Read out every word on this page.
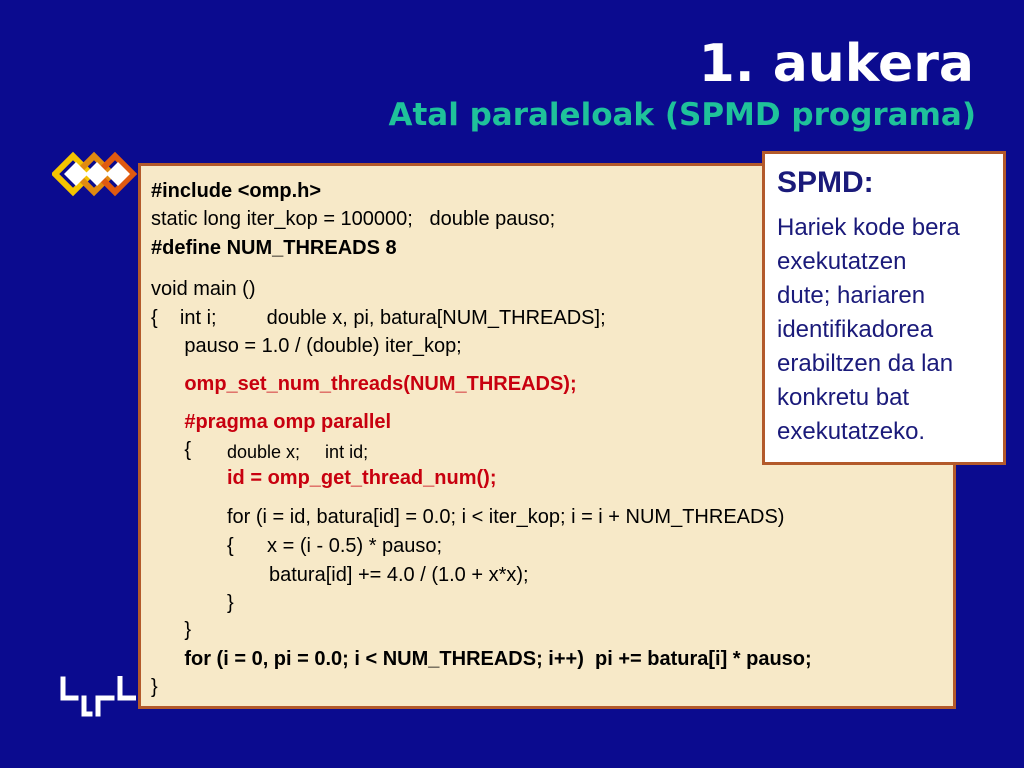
1. aukera
Atal paraleloak (SPMD programa)
#include <omp.h>
static long iter_kop = 100000;   double pauso;
#define NUM_THREADS 8
void main ()
{    int i;         double x, pi, batura[NUM_THREADS];
pauso = 1.0 / (double) iter_kop;
omp_set_num_threads(NUM_THREADS);
#pragma omp parallel
{ double x;     int id;
id = omp_get_thread_num();
for (i = id, batura[id] = 0.0; i < iter_kop; i = i + NUM_THREADS)
{      x = (i - 0.5) * pauso;
batura[id] += 4.0 / (1.0 + x*x);
}
}
for (i = 0, pi = 0.0; i < NUM_THREADS; i++)  pi += batura[i] * pauso;
}
SPMD:
Hariek kode bera
exekutatzen
dute; hariaren
identifikadorea
erabiltzen da lan
konkretu bat
exekutatzeko.
